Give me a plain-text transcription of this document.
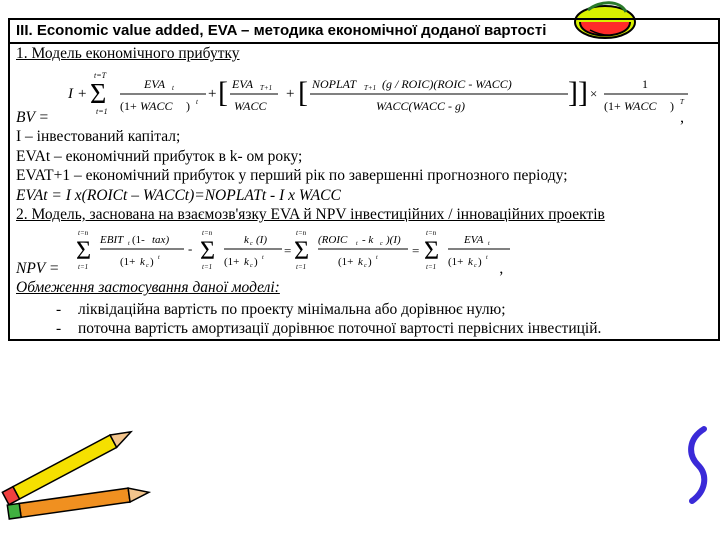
III. Economic value added, EVA – методика економічної доданої вартості

1. Модель економічного прибутку
I + Σ
t=T
t=1
EVA t
(1+ WACC ) t + [ EVA T+1
WACC
+ [ NOPLAT T+1 (g / ROIC)(ROIC - WACC)
WACC(WACC - g)	] ] ×
1
(1+ WACC ) T
BV =	,
I – інвестований капітал;
EVAt – економічний прибуток в k- ом року;
EVAT+1 – економічний прибуток у перший рік по завершенні прогнозного періоду;
EVAt = I x(ROICt – WACCt)=NOPLATt - I x WACC
2. Модель, заснована на взаємозв'язку EVA й NPV інвестиційних / інноваційних проектів
Σ
t=n
t=1
EBIT t (1- tax)
(1+ k c ) t
- Σ
t=n
t=1
k c (I)
(1+ k c ) t = Σ
t=n
t=1
(ROIC t - k c )(I)
(1+ k c ) t	= Σ
t=n
t=1
EVA t
(1+ k c ) t
NPV =	,
Обмеження застосування даної моделі:
- ліквідаційна вартість по проекту мінімальна або дорівнює нулю;
- поточна вартість амортизації дорівнює поточної вартості первісних інвестицій.
